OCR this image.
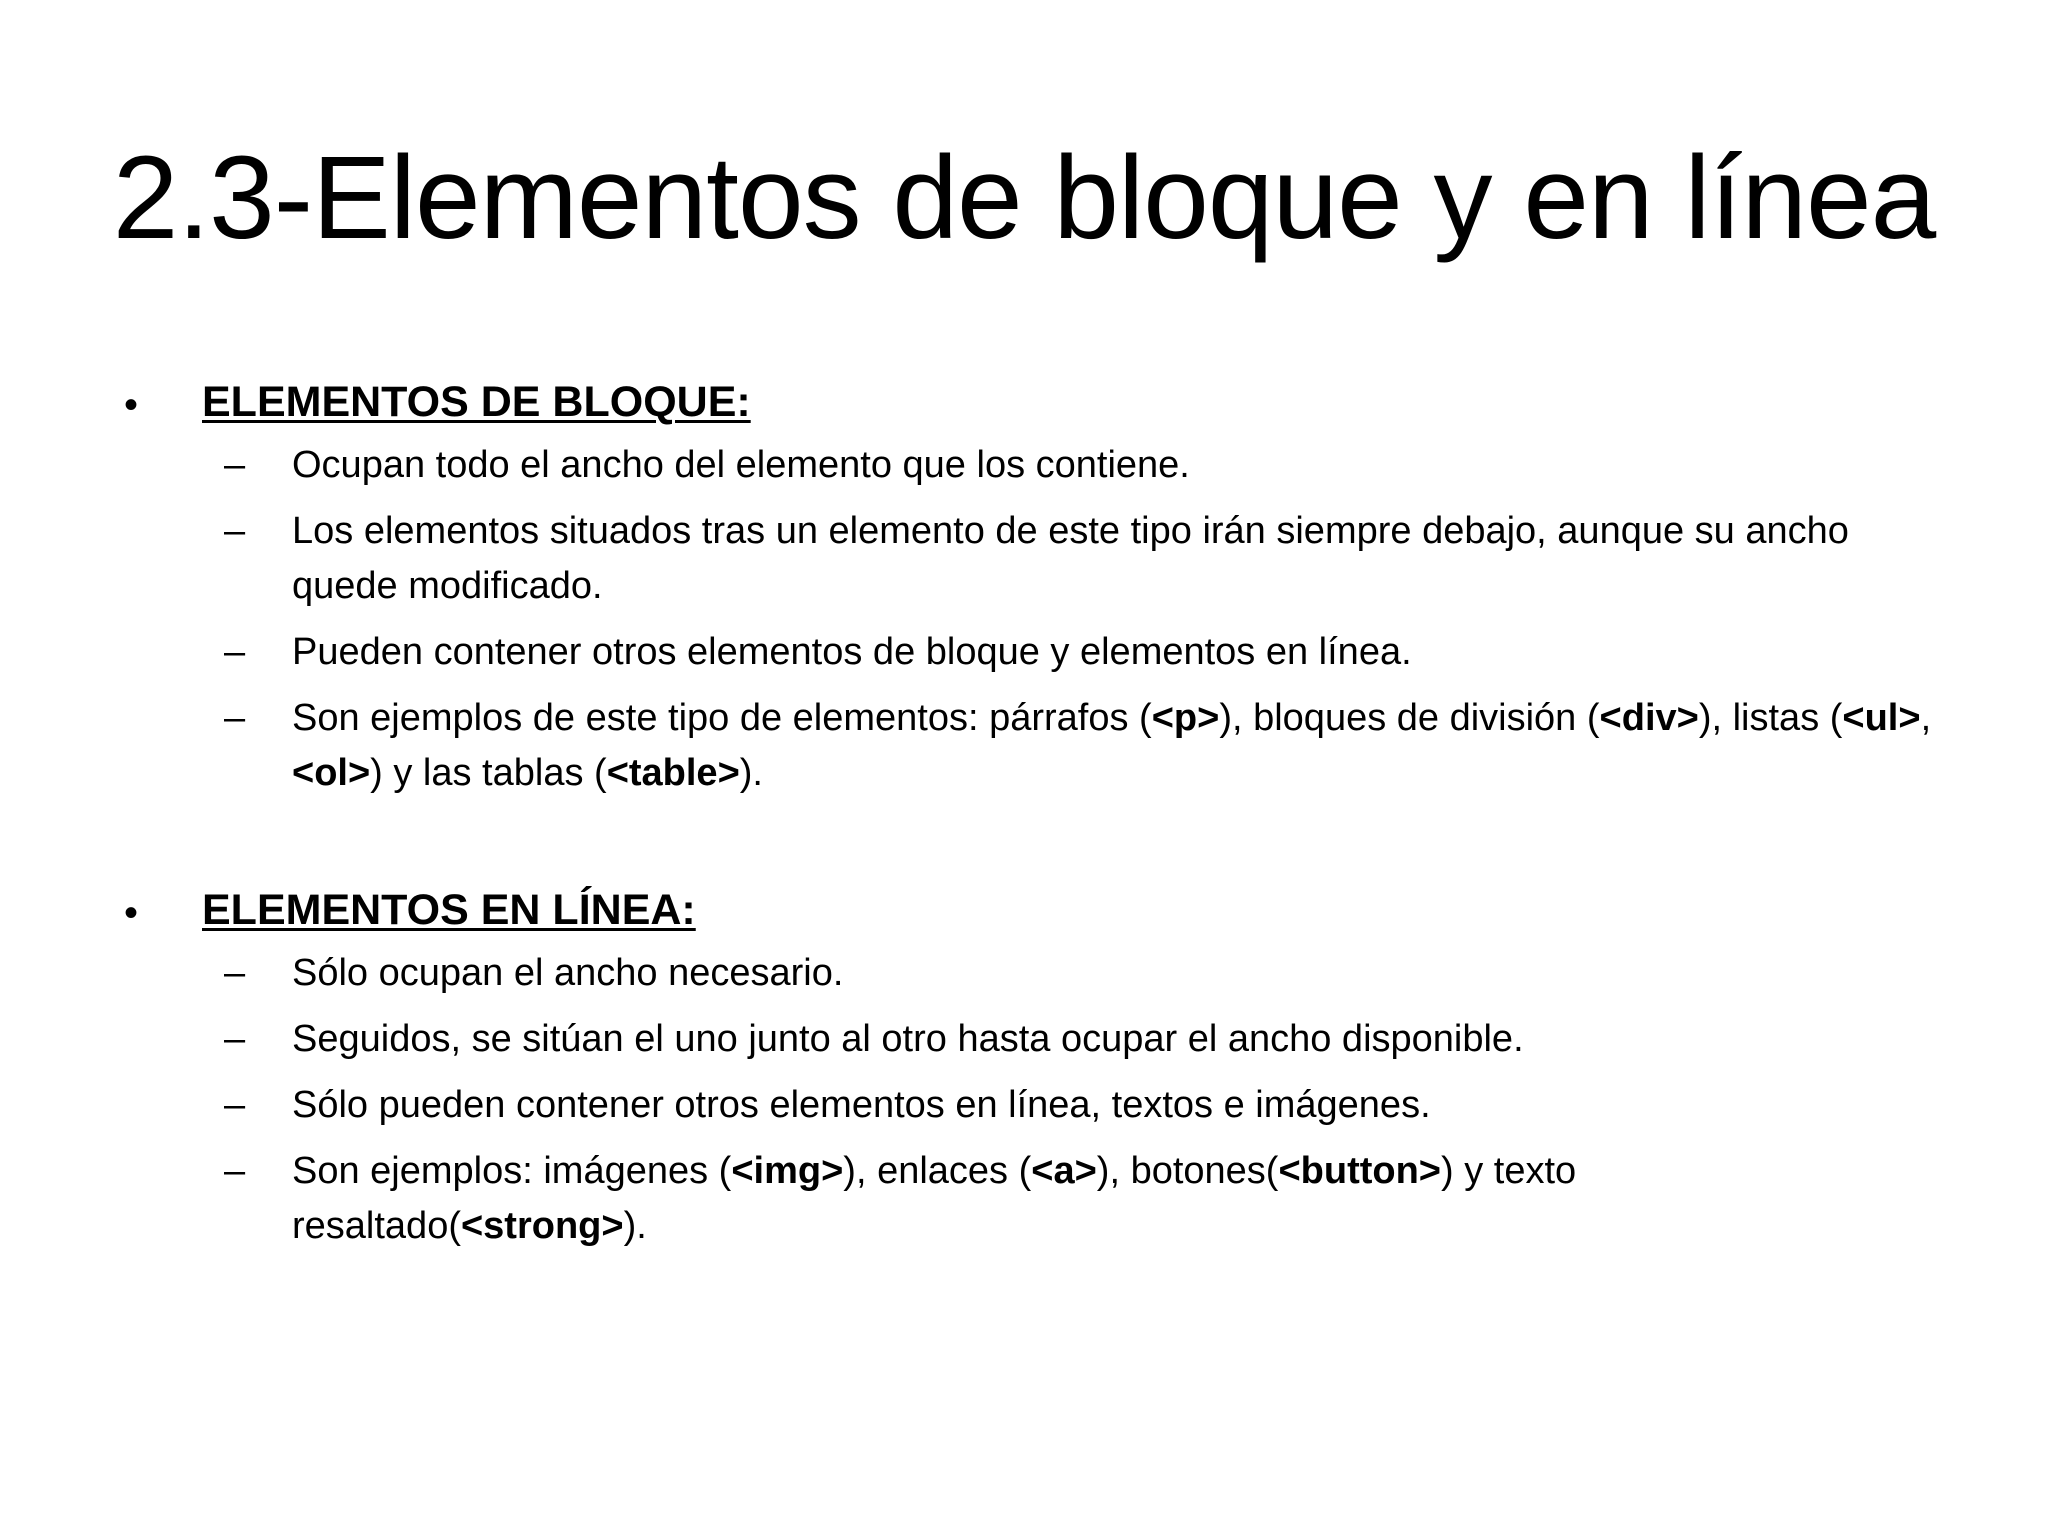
2.3-Elementos de bloque y en línea
• ELEMENTOS DE BLOQUE:
– Ocupan todo el ancho del elemento que los contiene.
– Los elementos situados tras un elemento de este tipo irán siempre debajo, aunque su ancho quede modificado.
– Pueden contener otros elementos de bloque y elementos en línea.
– Son ejemplos de este tipo de elementos: párrafos (<p>), bloques de división (<div>), listas (<ul>,<ol>) y las tablas (<table>).
• ELEMENTOS EN LÍNEA:
– Sólo ocupan el ancho necesario.
– Seguidos, se sitúan el uno junto al otro hasta ocupar el ancho disponible.
– Sólo pueden contener otros elementos en línea, textos e imágenes.
– Son ejemplos: imágenes (<img>), enlaces (<a>), botones(<button>) y texto resaltado(<strong>).
